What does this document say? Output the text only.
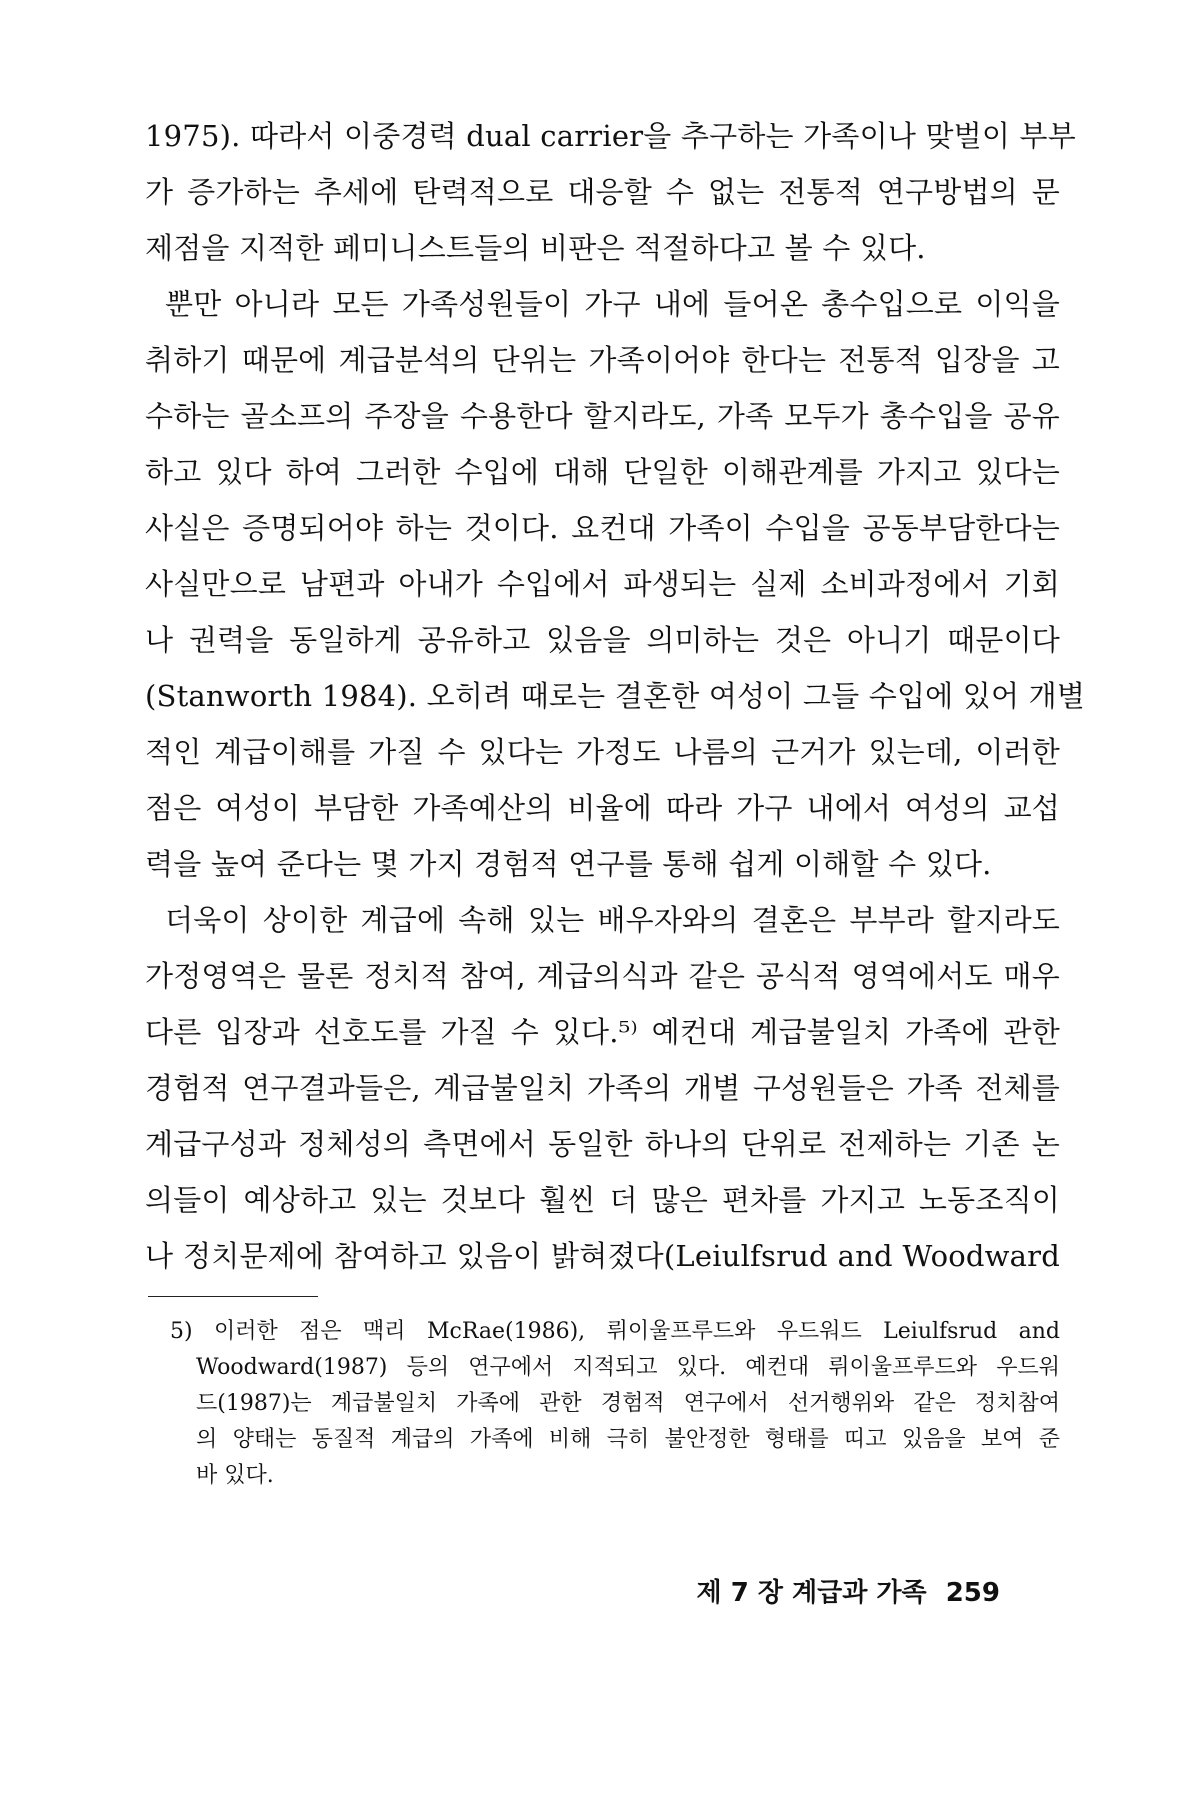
1975). 따라서 이중경력 dual carrier을 추구하는 가족이나 맞벌이 부부
가 증가하는 추세에 탄력적으로 대응할 수 없는 전통적 연구방법의 문
제점을 지적한 페미니스트들의 비판은 적절하다고 볼 수 있다.
뿐만 아니라 모든 가족성원들이 가구 내에 들어온 총수입으로 이익을
취하기 때문에 계급분석의 단위는 가족이어야 한다는 전통적 입장을 고
수하는 골소프의 주장을 수용한다 할지라도, 가족 모두가 총수입을 공유
하고 있다 하여 그러한 수입에 대해 단일한 이해관계를 가지고 있다는
사실은 증명되어야 하는 것이다. 요컨대 가족이 수입을 공동부담한다는
사실만으로 남편과 아내가 수입에서 파생되는 실제 소비과정에서 기회
나 권력을 동일하게 공유하고 있음을 의미하는 것은 아니기 때문이다
(Stanworth 1984). 오히려 때로는 결혼한 여성이 그들 수입에 있어 개별
적인 계급이해를 가질 수 있다는 가정도 나름의 근거가 있는데, 이러한
점은 여성이 부담한 가족예산의 비율에 따라 가구 내에서 여성의 교섭
력을 높여 준다는 몇 가지 경험적 연구를 통해 쉽게 이해할 수 있다.
더욱이 상이한 계급에 속해 있는 배우자와의 결혼은 부부라 할지라도
가정영역은 물론 정치적 참여, 계급의식과 같은 공식적 영역에서도 매우
다른 입장과 선호도를 가질 수 있다.⁵⁾ 예컨대 계급불일치 가족에 관한
경험적 연구결과들은, 계급불일치 가족의 개별 구성원들은 가족 전체를
계급구성과 정체성의 측면에서 동일한 하나의 단위로 전제하는 기존 논
의들이 예상하고 있는 것보다 훨씬 더 많은 편차를 가지고 노동조직이
나 정치문제에 참여하고 있음이 밝혀졌다(Leiulfsrud and Woodward
5) 이러한 점은 맥리 McRae(1986), 뤼이울프루드와 우드워드 Leiulfsrud and
Woodward(1987) 등의 연구에서 지적되고 있다. 예컨대 뤼이울프루드와 우드워
드(1987)는 계급불일치 가족에 관한 경험적 연구에서 선거행위와 같은 정치참여
의 양태는 동질적 계급의 가족에 비해 극히 불안정한 형태를 띠고 있음을 보여 준
바 있다.
제 7 장 계급과 가족 259
